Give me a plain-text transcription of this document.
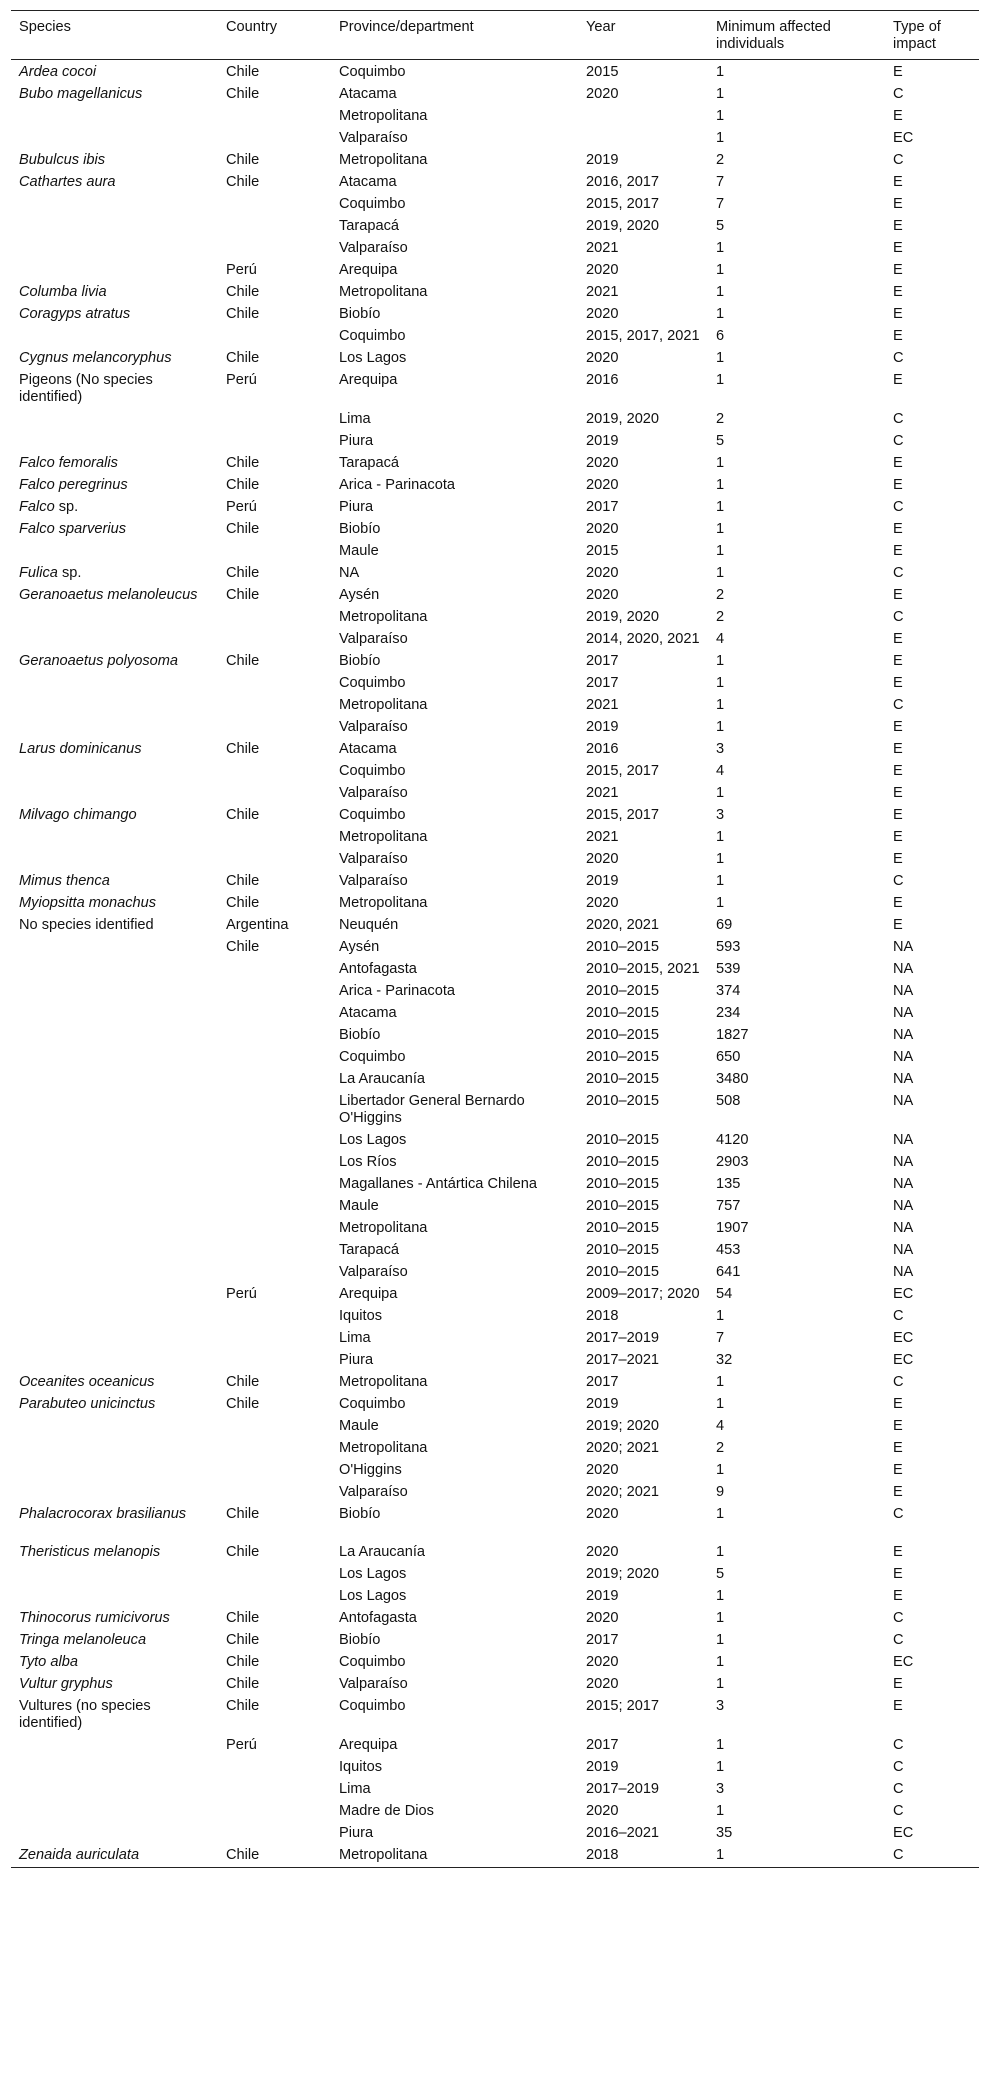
Species	Country	Province/department	Year	Minimum affected individuals	Type of impact
Ardea cocoi	Chile	Coquimbo	2015	1	E
Bubo magellanicus	Chile	Atacama	2020	1	C
		Metropolitana		1	E
		Valparaíso		1	EC
Bubulcus ibis	Chile	Metropolitana	2019	2	C
Cathartes aura	Chile	Atacama	2016, 2017	7	E
		Coquimbo	2015, 2017	7	E
		Tarapacá	2019, 2020	5	E
		Valparaíso	2021	1	E
	Perú	Arequipa	2020	1	E
Columba livia	Chile	Metropolitana	2021	1	E
Coragyps atratus	Chile	Biobío	2020	1	E
		Coquimbo	2015, 2017, 2021	6	E
Cygnus melancoryphus	Chile	Los Lagos	2020	1	C
Pigeons (No species identified)	Perú	Arequipa	2016	1	E
		Lima	2019, 2020	2	C
		Piura	2019	5	C
Falco femoralis	Chile	Tarapacá	2020	1	E
Falco peregrinus	Chile	Arica - Parinacota	2020	1	E
Falco sp.	Perú	Piura	2017	1	C
Falco sparverius	Chile	Biobío	2020	1	E
		Maule	2015	1	E
Fulica sp.	Chile	NA	2020	1	C
Geranoaetus melanoleucus	Chile	Aysén	2020	2	E
		Metropolitana	2019, 2020	2	C
		Valparaíso	2014, 2020, 2021	4	E
Geranoaetus polyosoma	Chile	Biobío	2017	1	E
		Coquimbo	2017	1	E
		Metropolitana	2021	1	C
		Valparaíso	2019	1	E
Larus dominicanus	Chile	Atacama	2016	3	E
		Coquimbo	2015, 2017	4	E
		Valparaíso	2021	1	E
Milvago chimango	Chile	Coquimbo	2015, 2017	3	E
		Metropolitana	2021	1	E
		Valparaíso	2020	1	E
Mimus thenca	Chile	Valparaíso	2019	1	C
Myiopsitta monachus	Chile	Metropolitana	2020	1	E
No species identified	Argentina	Neuquén	2020, 2021	69	E
	Chile	Aysén	2010–2015	593	NA
		Antofagasta	2010–2015, 2021	539	NA
		Arica - Parinacota	2010–2015	374	NA
		Atacama	2010–2015	234	NA
		Biobío	2010–2015	1827	NA
		Coquimbo	2010–2015	650	NA
		La Araucanía	2010–2015	3480	NA
		Libertador General Bernardo O'Higgins	2010–2015	508	NA
		Los Lagos	2010–2015	4120	NA
		Los Ríos	2010–2015	2903	NA
		Magallanes - Antártica Chilena	2010–2015	135	NA
		Maule	2010–2015	757	NA
		Metropolitana	2010–2015	1907	NA
		Tarapacá	2010–2015	453	NA
		Valparaíso	2010–2015	641	NA
	Perú	Arequipa	2009–2017; 2020	54	EC
		Iquitos	2018	1	C
		Lima	2017–2019	7	EC
		Piura	2017–2021	32	EC
Oceanites oceanicus	Chile	Metropolitana	2017	1	C
Parabuteo unicinctus	Chile	Coquimbo	2019	1	E
		Maule	2019; 2020	4	E
		Metropolitana	2020; 2021	2	E
		O'Higgins	2020	1	E
		Valparaíso	2020; 2021	9	E
Phalacrocorax brasilianus	Chile	Biobío	2020	1	C
Theristicus melanopis	Chile	La Araucanía	2020	1	E
		Los Lagos	2019; 2020	5	E
		Los Lagos	2019	1	E
Thinocorus rumicivorus	Chile	Antofagasta	2020	1	C
Tringa melanoleuca	Chile	Biobío	2017	1	C
Tyto alba	Chile	Coquimbo	2020	1	EC
Vultur gryphus	Chile	Valparaíso	2020	1	E
Vultures (no species identified)	Chile	Coquimbo	2015; 2017	3	E
	Perú	Arequipa	2017	1	C
		Iquitos	2019	1	C
		Lima	2017–2019	3	C
		Madre de Dios	2020	1	C
		Piura	2016–2021	35	EC
Zenaida auriculata	Chile	Metropolitana	2018	1	C
